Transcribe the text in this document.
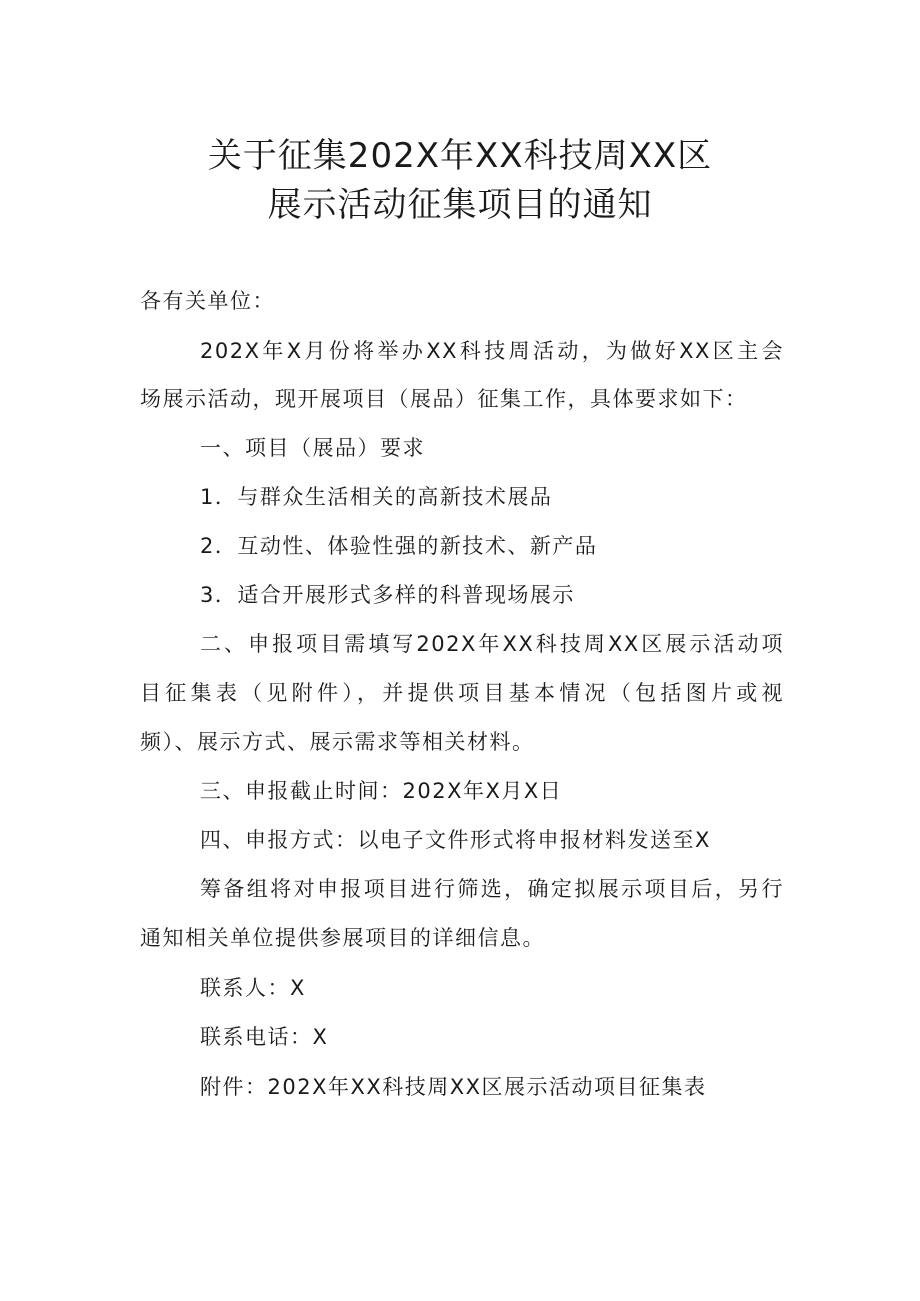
关于征集202X年XX科技周XX区
展示活动征集项目的通知
各有关单位：
202X年X月份将举办XX科技周活动，为做好XX区主会
场展示活动，现开展项目（展品）征集工作，具体要求如下：
一、项目（展品）要求
1．与群众生活相关的高新技术展品
2．互动性、体验性强的新技术、新产品
3．适合开展形式多样的科普现场展示
二、申报项目需填写202X年XX科技周XX区展示活动项
目征集表（见附件），并提供项目基本情况（包括图片或视
频）、展示方式、展示需求等相关材料。
三、申报截止时间：202X年X月X日
四、申报方式：以电子文件形式将申报材料发送至X
筹备组将对申报项目进行筛选，确定拟展示项目后，另行
通知相关单位提供参展项目的详细信息。
联系人：X
联系电话：X
附件：202X年XX科技周XX区展示活动项目征集表
